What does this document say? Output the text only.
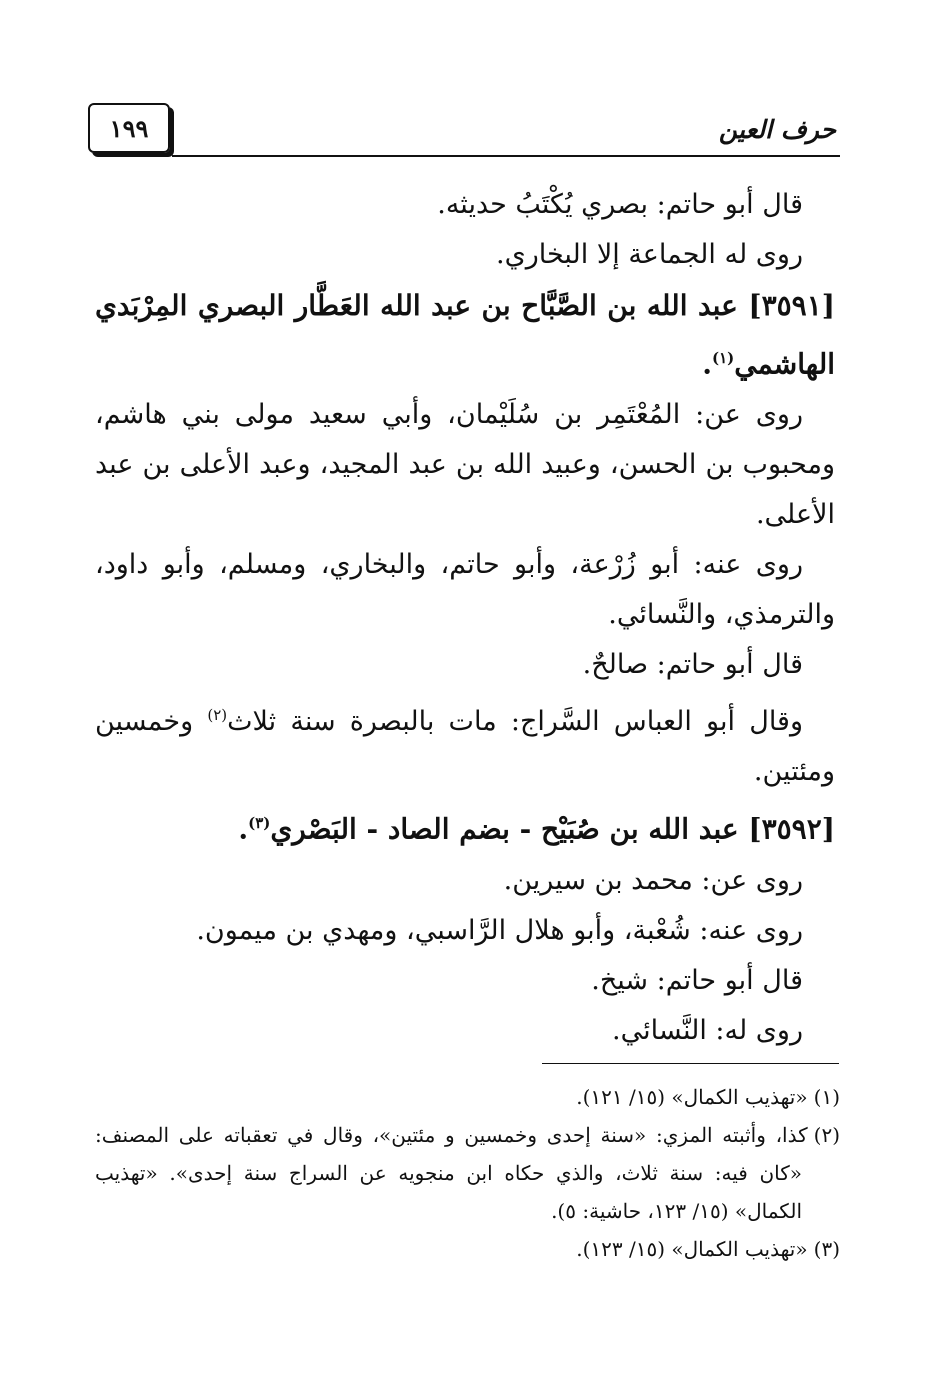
حرف العين
١٩٩

قال أبو حاتم: بصري يُكْتَبُ حديثه.

روى له الجماعة إلا البخاري.

[٣٥٩١] عبد الله بن الصَّبَّاح بن عبد الله العَطَّار البصري المِرْبَدي الهاشمي$^{(١)}$.

روى عن: المُعْتَمِر بن سُلَيْمان، وأبي سعيد مولى بني هاشم، ومحبوب بن الحسن، وعبيد الله بن عبد المجيد، وعبد الأعلى بن عبد الأعلى.

روى عنه: أبو زُرْعة، وأبو حاتم، والبخاري، ومسلم، وأبو داود، والترمذي، والنَّسائي.

قال أبو حاتم: صالحٌ.

وقال أبو العباس السَّراج: مات بالبصرة سنة ثلاث$^{(٢)}$ وخمسين ومئتين.

[٣٥٩٢] عبد الله بن صُبَيْح - بضم الصاد - البَصْري$^{(٣)}$.

روى عن: محمد بن سيرين.

روى عنه: شُعْبة، وأبو هلال الرَّاسبي، ومهدي بن ميمون.

قال أبو حاتم: شيخ.

روى له: النَّسائي.

(١)«تهذيب الكمال» (١٥/ ١٢١).

(٢)كذا، وأثبته المزي: «سنة إحدى وخمسين و مئتين»، وقال في تعقباته على المصنف: «كان فيه: سنة ثلاث، والذي حكاه ابن منجويه عن السراج سنة إحدى». «تهذيب الكمال» (١٥/ ١٢٣، حاشية: ٥).

(٣)«تهذيب الكمال» (١٥/ ١٢٣).
